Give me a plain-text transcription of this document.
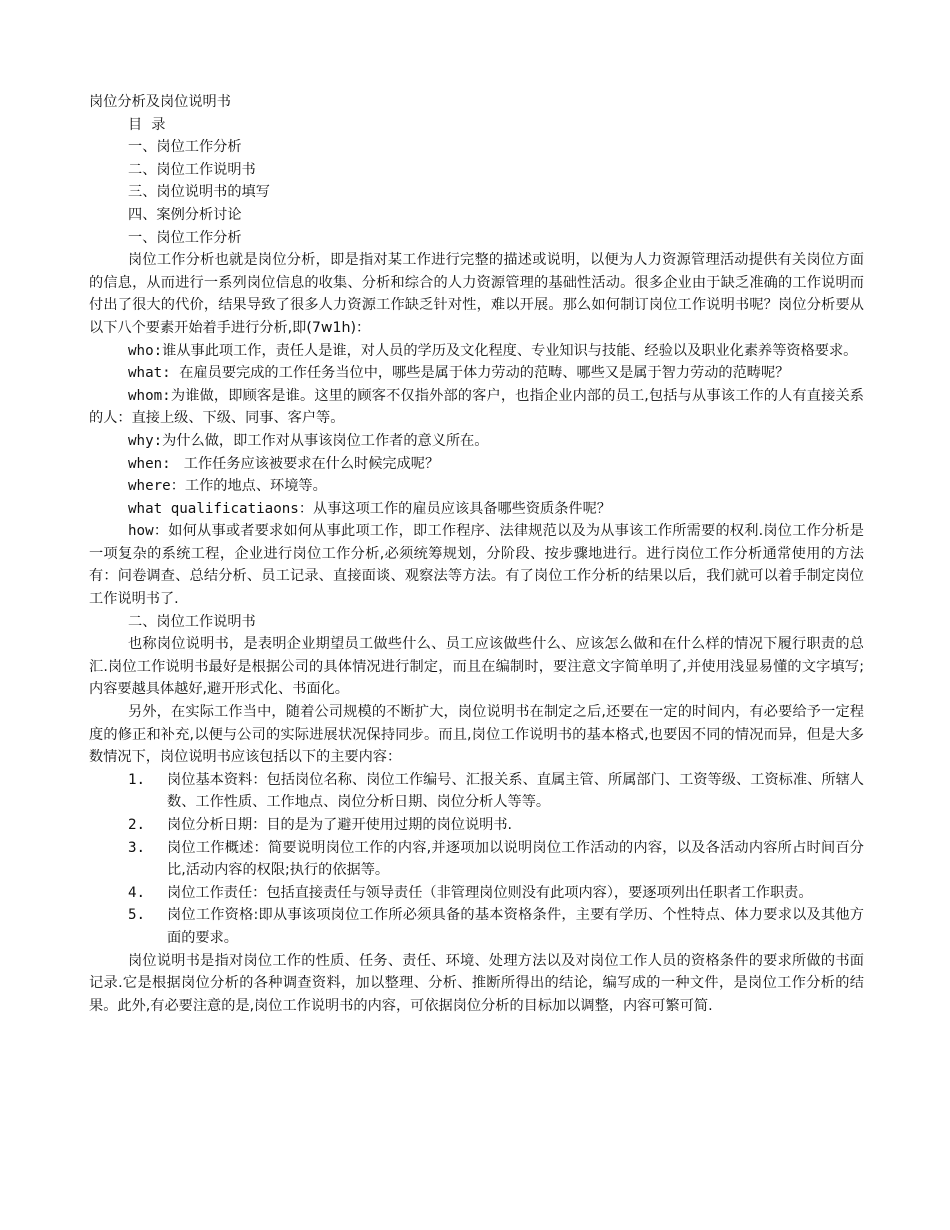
岗位分析及岗位说明书
目  录
一、岗位工作分析
二、岗位工作说明书
三、岗位说明书的填写
四、案例分析讨论
一、岗位工作分析
岗位工作分析也就是岗位分析，即是指对某工作进行完整的描述或说明，以便为人力资源管理活动提供有关岗位方面的信息，从而进行一系列岗位信息的收集、分析和综合的人力资源管理的基础性活动。很多企业由于缺乏准确的工作说明而付出了很大的代价，结果导致了很多人力资源工作缺乏针对性，难以开展。那么如何制订岗位工作说明书呢？岗位分析要从以下八个要素开始着手进行分析,即(7w1h)：
who:谁从事此项工作，责任人是谁，对人员的学历及文化程度、专业知识与技能、经验以及职业化素养等资格要求。
what: 在雇员要完成的工作任务当位中，哪些是属于体力劳动的范畴、哪些又是属于智力劳动的范畴呢？
whom:为谁做，即顾客是谁。这里的顾客不仅指外部的客户，也指企业内部的员工,包括与从事该工作的人有直接关系的人：直接上级、下级、同事、客户等。
why:为什么做，即工作对从事该岗位工作者的意义所在。
when:  工作任务应该被要求在什么时候完成呢？
where：工作的地点、环境等。
what qualificatiaons：从事这项工作的雇员应该具备哪些资质条件呢？
how：如何从事或者要求如何从事此项工作，即工作程序、法律规范以及为从事该工作所需要的权利.岗位工作分析是一项复杂的系统工程，企业进行岗位工作分析,必须统筹规划，分阶段、按步骤地进行。进行岗位工作分析通常使用的方法有：问卷调查、总结分析、员工记录、直接面谈、观察法等方法。有了岗位工作分析的结果以后，我们就可以着手制定岗位工作说明书了.
二、岗位工作说明书
也称岗位说明书，是表明企业期望员工做些什么、员工应该做些什么、应该怎么做和在什么样的情况下履行职责的总汇.岗位工作说明书最好是根据公司的具体情况进行制定，而且在编制时，要注意文字简单明了,并使用浅显易懂的文字填写;内容要越具体越好,避开形式化、书面化。
另外，在实际工作当中，随着公司规模的不断扩大，岗位说明书在制定之后,还要在一定的时间内，有必要给予一定程度的修正和补充,以便与公司的实际进展状况保持同步。而且,岗位工作说明书的基本格式,也要因不同的情况而异，但是大多数情况下，岗位说明书应该包括以下的主要内容：
1.	岗位基本资料：包括岗位名称、岗位工作编号、汇报关系、直属主管、所属部门、工资等级、工资标准、所辖人数、工作性质、工作地点、岗位分析日期、岗位分析人等等。
2.	岗位分析日期：目的是为了避开使用过期的岗位说明书.
3.	岗位工作概述：简要说明岗位工作的内容,并逐项加以说明岗位工作活动的内容，以及各活动内容所占时间百分比,活动内容的权限;执行的依据等。
4.	岗位工作责任：包括直接责任与领导责任（非管理岗位则没有此项内容），要逐项列出任职者工作职责。
5.	岗位工作资格:即从事该项岗位工作所必须具备的基本资格条件，主要有学历、个性特点、体力要求以及其他方面的要求。
岗位说明书是指对岗位工作的性质、任务、责任、环境、处理方法以及对岗位工作人员的资格条件的要求所做的书面记录.它是根据岗位分析的各种调查资料，加以整理、分析、推断所得出的结论，编写成的一种文件，是岗位工作分析的结果。此外,有必要注意的是,岗位工作说明书的内容，可依据岗位分析的目标加以调整，内容可繁可简.
